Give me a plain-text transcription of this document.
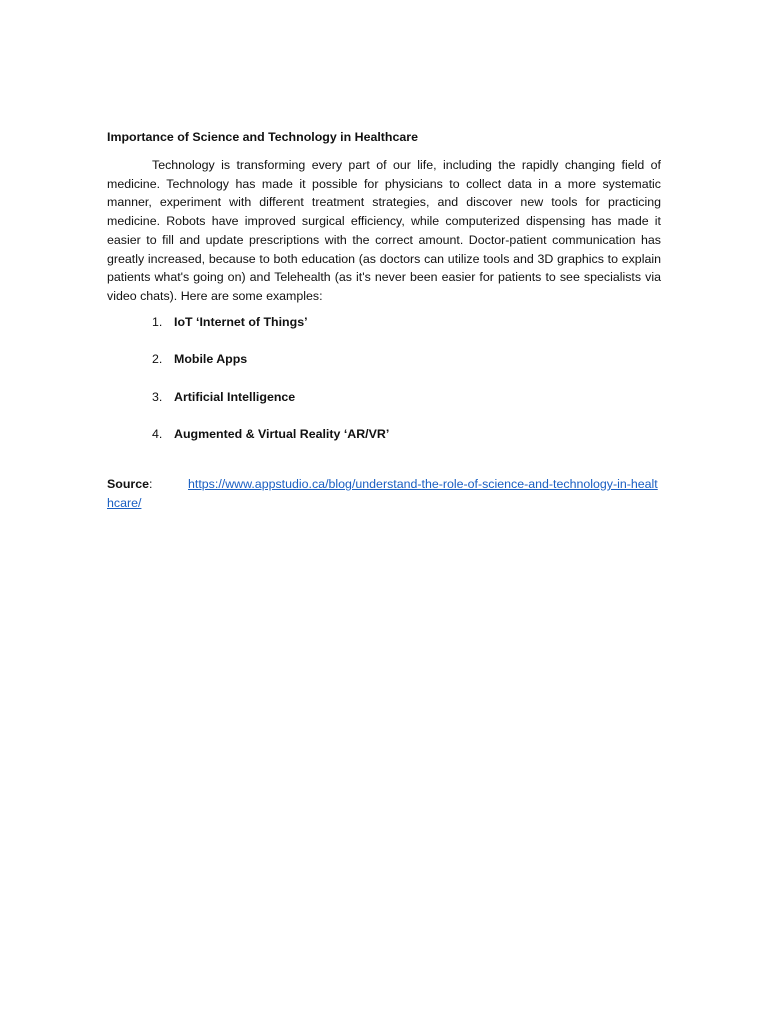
Importance of Science and Technology in Healthcare

Technology is transforming every part of our life, including the rapidly changing field of medicine. Technology has made it possible for physicians to collect data in a more systematic manner, experiment with different treatment strategies, and discover new tools for practicing medicine. Robots have improved surgical efficiency, while computerized dispensing has made it easier to fill and update prescriptions with the correct amount. Doctor-patient communication has greatly increased, because to both education (as doctors can utilize tools and 3D graphics to explain patients what's going on) and Telehealth (as it's never been easier for patients to see specialists via video chats). Here are some examples:

1. IoT ‘Internet of Things’
2. Mobile Apps
3. Artificial Intelligence
4. Augmented & Virtual Reality ‘AR/VR’
Source:	https://www.appstudio.ca/blog/understand-the-role-of-science-and-technology-in-healthcare/
